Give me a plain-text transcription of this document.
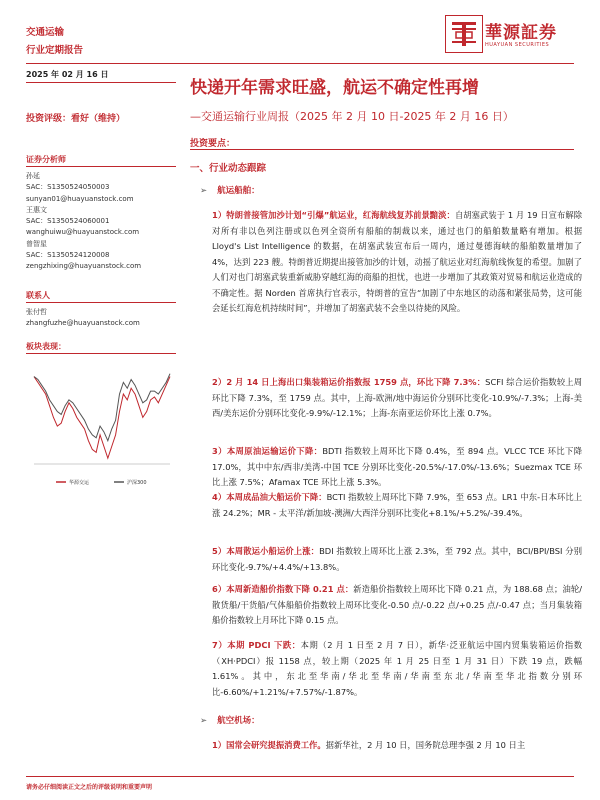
交通运输
行业定期报告
華源証券
HUAYUAN SECURITIES
2025 年 02 月 16 日
快递开年需求旺盛，航运不确定性再增
—交通运输行业周报（2025 年 2 月 10 日-2025 年 2 月 16 日）
投资评级：看好（维持）
投资要点：
证券分析师
孙延
SAC：S1350524050003
sunyan01@huayuanstock.com
王惠文
SAC：S1350524060001
wanghuiwu@huayuanstock.com
曾智星
SAC：S1350524120008
zengzhixing@huayuanstock.com
联系人
张付哲
zhangfuzhe@huayuanstock.com
板块表现：
华源交运	沪深300
一、行业动态跟踪
➢ 航运船舶：
1）特朗普接管加沙计划“引爆”航运业，红海航线复苏前景黯淡：自胡塞武装于 1 月 19 日宣布解除对所有非以色列注册或以色列全资所有船舶的制裁以来，通过也门的船舶数量略有增加。根据 Lloyd's List Intelligence 的数据，在胡塞武装宣布后一周内，通过曼德海峡的船舶数量增加了 4%，达到 223 艘。特朗普近期提出接管加沙的计划，动摇了航运业对红海航线恢复的希望。加剧了人们对也门胡塞武装重新威胁穿越红海的商船的担忧，也进一步增加了其政策对贸易和航运业造成的不确定性。据 Norden 首席执行官表示，特朗普的宣告“加剧了中东地区的动荡和紧张局势，这可能会延长红海危机持续时间”，并增加了胡塞武装不会坐以待毙的风险。
2）2 月 14 日上海出口集装箱运价指数报 1759 点，环比下降 7.3%：SCFI 综合运价指数较上周环比下降 7.3%，至 1759 点。其中，上海-欧洲/地中海运价分别环比变化-10.9%/-7.3%；上海-美西/美东运价分别环比变化-9.9%/-12.1%；上海-东南亚运价环比上涨 0.7%。
3）本周原油运输运价下降：BDTI 指数较上周环比下降 0.4%，至 894 点。VLCC TCE 环比下降 17.0%，其中中东/西非/美湾-中国 TCE 分别环比变化-20.5%/-17.0%/-13.6%；Suezmax TCE 环比上涨 7.5%；Afamax TCE 环比上涨 5.3%。
4）本周成品油大船运价下降：BCTI 指数较上周环比下降 7.9%，至 653 点。LR1 中东-日本环比上涨 24.2%；MR - 太平洋/新加坡-澳洲/大西洋分别环比变化+8.1%/+5.2%/-39.4%。
5）本周散运小船运价上涨：BDI 指数较上周环比上涨 2.3%，至 792 点。其中，BCI/BPI/BSI 分别环比变化-9.7%/+4.4%/+13.8%。
6）本周新造船价指数下降 0.21 点：新造船价指数较上周环比下降 0.21 点，为 188.68 点；油轮/散货船/干货船/气体船船价指数较上周环比变化-0.50 点/-0.22 点/+0.25 点/-0.47 点；当月集装箱船价指数较上月环比下降 0.15 点。
7）本期 PDCI 下跌：本期（2 月 1 日至 2 月 7 日），新华·泛亚航运中国内贸集装箱运价指数（XH·PDCI）报 1158 点，较上期（2025 年 1 月 25 日至 1 月 31 日）下跌 19 点，跌幅 1.61%。其中，东北至华南/华北至华南/华南至东北/华南至华北指数分别环比-6.60%/+1.21%/+7.57%/-1.87%。
➢ 航空机场：
1）国常会研究提振消费工作。据新华社，2 月 10 日，国务院总理李强 2 月 10 日主
请务必仔细阅读正文之后的评级说明和重要声明
